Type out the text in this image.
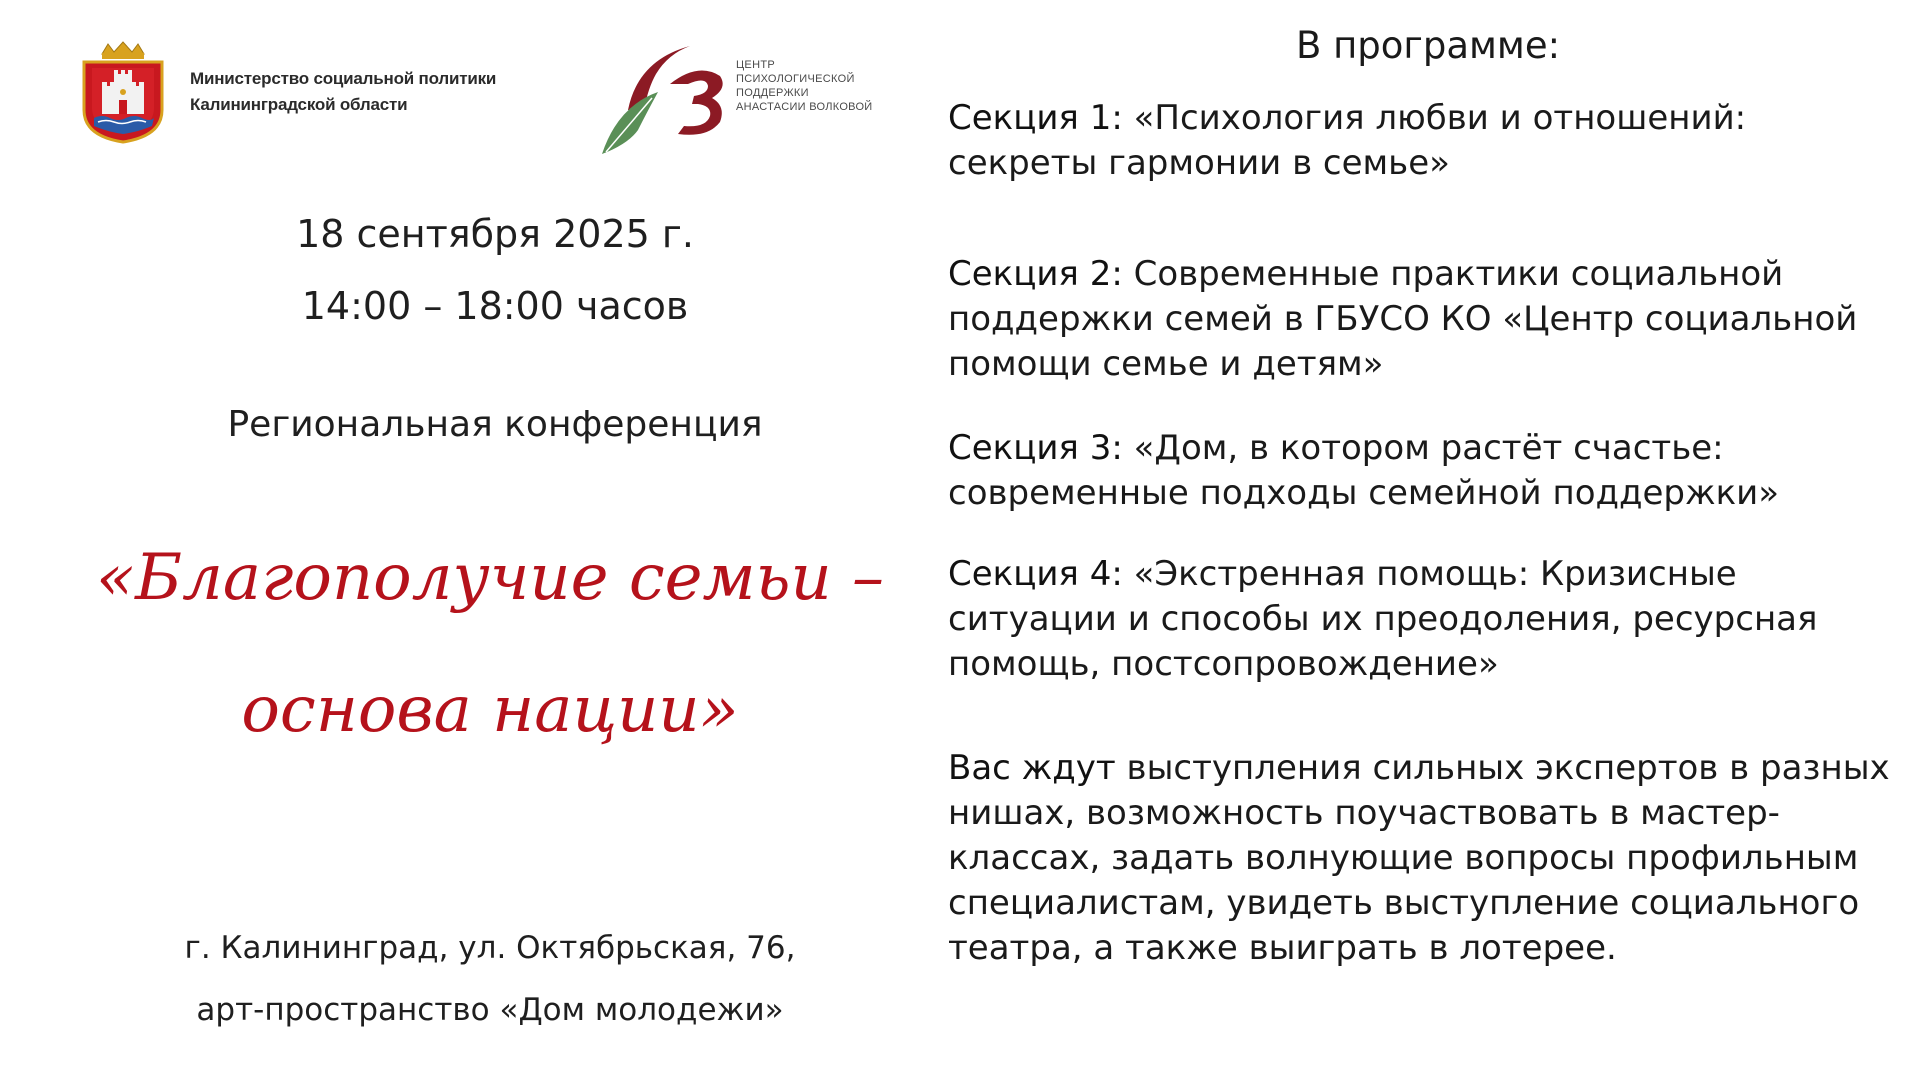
Министерство социальной политики
Калининградской области
ЦЕНТР
ПСИХОЛОГИЧЕСКОЙ
ПОДДЕРЖКИ
АНАСТАСИИ ВОЛКОВОЙ
18 сентября 2025 г.
14:00 – 18:00 часов
Региональная конференция
«Благополучие семьи –
основа нации»
г. Калининград, ул. Октябрьская, 76,
арт-пространство «Дом молодежи»
В программе:
Секция 1: «Психология любви и отношений: секреты гармонии в семье»
Секция 2: Современные практики социальной поддержки семей в ГБУСО КО «Центр социальной помощи семье и детям»
Секция 3: «Дом, в котором растёт счастье: современные подходы семейной поддержки»
Секция 4: «Экстренная помощь: Кризисные ситуации и способы их преодоления, ресурсная помощь, постсопровождение»
Вас ждут выступления сильных экспертов в разных нишах, возможность поучаствовать в мастер-классах, задать волнующие вопросы профильным специалистам, увидеть выступление социального театра, а также выиграть в лотерее.
